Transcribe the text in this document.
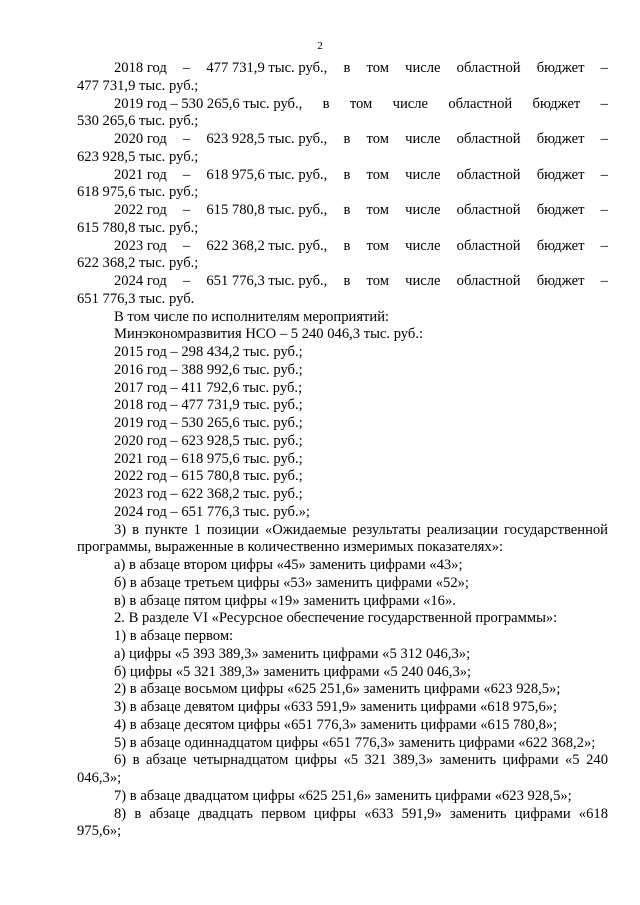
2
2018 год – 477 731,9 тыс. руб., в том числе областной бюджет –
477 731,9 тыс. руб.;
2019 год – 530 265,6 тыс. руб., в том числе областной бюджет –
530 265,6 тыс. руб.;
2020 год – 623 928,5 тыс. руб., в том числе областной бюджет –
623 928,5 тыс. руб.;
2021 год – 618 975,6 тыс. руб., в том числе областной бюджет –
618 975,6 тыс. руб.;
2022 год – 615 780,8 тыс. руб., в том числе областной бюджет –
615 780,8 тыс. руб.;
2023 год – 622 368,2 тыс. руб., в том числе областной бюджет –
622 368,2 тыс. руб.;
2024 год – 651 776,3 тыс. руб., в том числе областной бюджет –
651 776,3 тыс. руб.
В том числе по исполнителям мероприятий:
Минэкономразвития НСО – 5 240 046,3 тыс. руб.:
2015 год – 298 434,2 тыс. руб.;
2016 год – 388 992,6 тыс. руб.;
2017 год – 411 792,6 тыс. руб.;
2018 год – 477 731,9 тыс. руб.;
2019 год – 530 265,6 тыс. руб.;
2020 год – 623 928,5 тыс. руб.;
2021 год – 618 975,6 тыс. руб.;
2022 год – 615 780,8 тыс. руб.;
2023 год – 622 368,2 тыс. руб.;
2024 год – 651 776,3 тыс. руб.»;

3) в пункте 1 позиции «Ожидаемые результаты реализации государственной программы, выраженные в количественно измеримых показателях»:

а) в абзаце втором цифры «45» заменить цифрами «43»;
б) в абзаце третьем цифры «53» заменить цифрами «52»;
в) в абзаце пятом цифры «19» заменить цифрами «16».
2. В разделе VI «Ресурсное обеспечение государственной программы»:
1) в абзаце первом:
а) цифры «5 393 389,3» заменить цифрами «5 312 046,3»;
б) цифры «5 321 389,3» заменить цифрами «5 240 046,3»;
2) в абзаце восьмом цифры «625 251,6» заменить цифрами «623 928,5»;
3) в абзаце девятом цифры «633 591,9» заменить цифрами «618 975,6»;
4) в абзаце десятом цифры «651 776,3» заменить цифрами «615 780,8»;
5) в абзаце одиннадцатом цифры «651 776,3» заменить цифрами «622 368,2»;

6) в абзаце четырнадцатом цифры «5 321 389,3» заменить цифрами «5 240 046,3»;

7) в абзаце двадцатом цифры «625 251,6» заменить цифрами «623 928,5»;

8) в абзаце двадцать первом цифры «633 591,9» заменить цифрами «618 975,6»;
